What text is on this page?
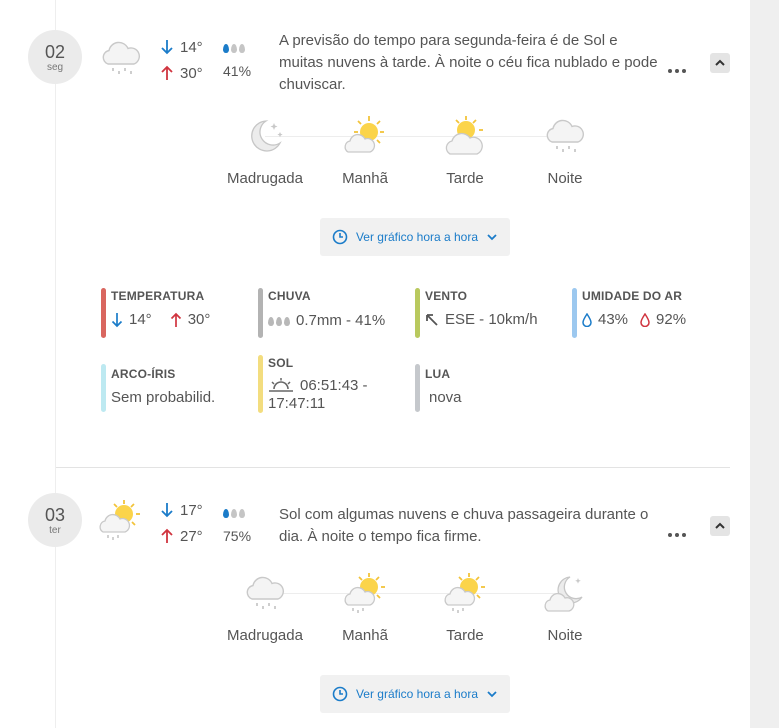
02
seg
14°
30° 41%
A previsão do tempo para segunda-feira é de Sol e muitas nuvens à tarde. À noite o céu fica nublado e pode chuviscar.
Madrugada	Manhã	Tarde	Noite
Ver gráfico hora a hora
TEMPERATURA
14° 30°
CHUVA
0.7mm - 41%
VENTO
ESE - 10km/h
UMIDADE DO AR
43% 92%
ARCO-ÍRIS
Sem probabilid.
SOL
06:51:43 - 17:47:11
LUA
nova
03
ter
17°
27° 75%
Sol com algumas nuvens e chuva passageira durante o dia. À noite o tempo fica firme.
Madrugada	Manhã	Tarde	Noite
Ver gráfico hora a hora
